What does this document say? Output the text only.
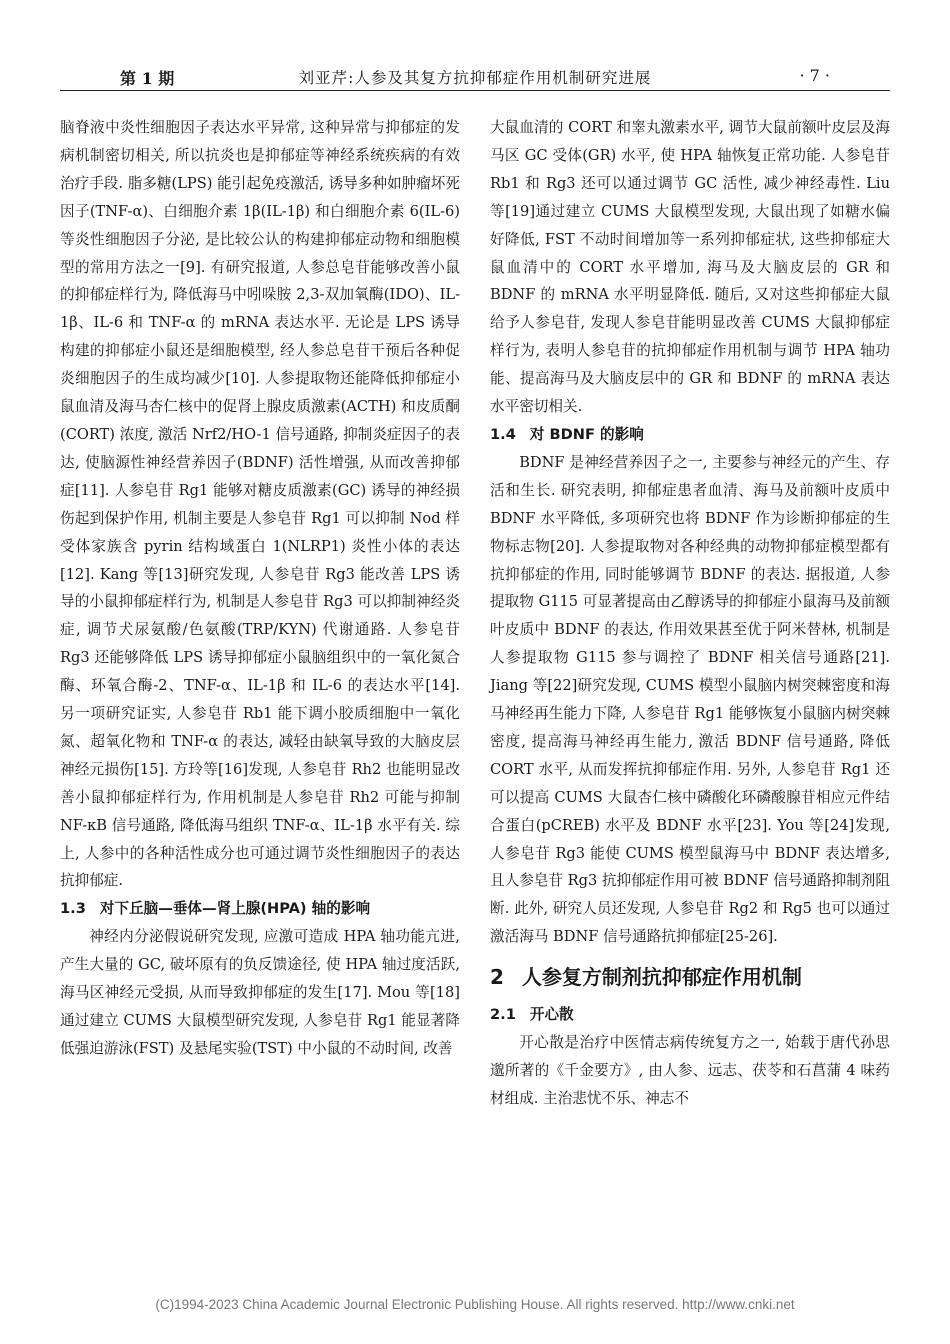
第 1 期	刘亚芹:人参及其复方抗抑郁症作用机制研究进展	· 7 ·

脑脊液中炎性细胞因子表达水平异常, 这种异常与抑郁症的发病机制密切相关, 所以抗炎也是抑郁症等神经系统疾病的有效治疗手段. 脂多糖(LPS) 能引起免疫激活, 诱导多种如肿瘤坏死因子(TNF-α)、白细胞介素 1β(IL-1β) 和白细胞介素 6(IL-6) 等炎性细胞因子分泌, 是比较公认的构建抑郁症动物和细胞模型的常用方法之一[9]. 有研究报道, 人参总皂苷能够改善小鼠的抑郁症样行为, 降低海马中吲哚胺 2,3-双加氧酶(IDO)、IL-1β、IL-6 和 TNF-α 的 mRNA 表达水平. 无论是 LPS 诱导构建的抑郁症小鼠还是细胞模型, 经人参总皂苷干预后各种促炎细胞因子的生成均减少[10]. 人参提取物还能降低抑郁症小鼠血清及海马杏仁核中的促肾上腺皮质激素(ACTH) 和皮质酮(CORT) 浓度, 激活 Nrf2/HO-1 信号通路, 抑制炎症因子的表达, 使脑源性神经营养因子(BDNF) 活性增强, 从而改善抑郁症[11]. 人参皂苷 Rg1 能够对糖皮质激素(GC) 诱导的神经损伤起到保护作用, 机制主要是人参皂苷 Rg1 可以抑制 Nod 样受体家族含 pyrin 结构域蛋白 1(NLRP1) 炎性小体的表达[12]. Kang 等[13]研究发现, 人参皂苷 Rg3 能改善 LPS 诱导的小鼠抑郁症样行为, 机制是人参皂苷 Rg3 可以抑制神经炎症, 调节犬尿氨酸/色氨酸(TRP/KYN) 代谢通路. 人参皂苷 Rg3 还能够降低 LPS 诱导抑郁症小鼠脑组织中的一氧化氮合酶、环氧合酶-2、TNF-α、IL-1β 和 IL-6 的表达水平[14]. 另一项研究证实, 人参皂苷 Rb1 能下调小胶质细胞中一氧化氮、超氧化物和 TNF-α 的表达, 减轻由缺氧导致的大脑皮层神经元损伤[15]. 方玲等[16]发现, 人参皂苷 Rh2 也能明显改善小鼠抑郁症样行为, 作用机制是人参皂苷 Rh2 可能与抑制 NF-κB 信号通路, 降低海马组织 TNF-α、IL-1β 水平有关. 综上, 人参中的各种活性成分也可通过调节炎性细胞因子的表达抗抑郁症.

1.3 对下丘脑—垂体—肾上腺(HPA) 轴的影响

神经内分泌假说研究发现, 应激可造成 HPA 轴功能亢进, 产生大量的 GC, 破坏原有的负反馈途径, 使 HPA 轴过度活跃, 海马区神经元受损, 从而导致抑郁症的发生[17]. Mou 等[18]通过建立 CUMS 大鼠模型研究发现, 人参皂苷 Rg1 能显著降低强迫游泳(FST) 及悬尾实验(TST) 中小鼠的不动时间, 改善

大鼠血清的 CORT 和睾丸激素水平, 调节大鼠前额叶皮层及海马区 GC 受体(GR) 水平, 使 HPA 轴恢复正常功能. 人参皂苷 Rb1 和 Rg3 还可以通过调节 GC 活性, 减少神经毒性. Liu 等[19]通过建立 CUMS 大鼠模型发现, 大鼠出现了如糖水偏好降低, FST 不动时间增加等一系列抑郁症状, 这些抑郁症大鼠血清中的 CORT 水平增加, 海马及大脑皮层的 GR 和 BDNF 的 mRNA 水平明显降低. 随后, 又对这些抑郁症大鼠给予人参皂苷, 发现人参皂苷能明显改善 CUMS 大鼠抑郁症样行为, 表明人参皂苷的抗抑郁症作用机制与调节 HPA 轴功能、提高海马及大脑皮层中的 GR 和 BDNF 的 mRNA 表达水平密切相关.

1.4 对 BDNF 的影响

BDNF 是神经营养因子之一, 主要参与神经元的产生、存活和生长. 研究表明, 抑郁症患者血清、海马及前额叶皮质中 BDNF 水平降低, 多项研究也将 BDNF 作为诊断抑郁症的生物标志物[20]. 人参提取物对各种经典的动物抑郁症模型都有抗抑郁症的作用, 同时能够调节 BDNF 的表达. 据报道, 人参提取物 G115 可显著提高由乙醇诱导的抑郁症小鼠海马及前额叶皮质中 BDNF 的表达, 作用效果甚至优于阿米替林, 机制是人参提取物 G115 参与调控了 BDNF 相关信号通路[21]. Jiang 等[22]研究发现, CUMS 模型小鼠脑内树突棘密度和海马神经再生能力下降, 人参皂苷 Rg1 能够恢复小鼠脑内树突棘密度, 提高海马神经再生能力, 激活 BDNF 信号通路, 降低 CORT 水平, 从而发挥抗抑郁症作用. 另外, 人参皂苷 Rg1 还可以提高 CUMS 大鼠杏仁核中磷酸化环磷酸腺苷相应元件结合蛋白(pCREB) 水平及 BDNF 水平[23]. You 等[24]发现, 人参皂苷 Rg3 能使 CUMS 模型鼠海马中 BDNF 表达增多, 且人参皂苷 Rg3 抗抑郁症作用可被 BDNF 信号通路抑制剂阻断. 此外, 研究人员还发现, 人参皂苷 Rg2 和 Rg5 也可以通过激活海马 BDNF 信号通路抗抑郁症[25-26].

2 人参复方制剂抗抑郁症作用机制
2.1 开心散

开心散是治疗中医情志病传统复方之一, 始载于唐代孙思邈所著的《千金要方》, 由人参、远志、茯苓和石菖蒲 4 味药材组成. 主治悲忧不乐、神志不

(C)1994-2023 China Academic Journal Electronic Publishing House. All rights reserved. http://www.cnki.net
